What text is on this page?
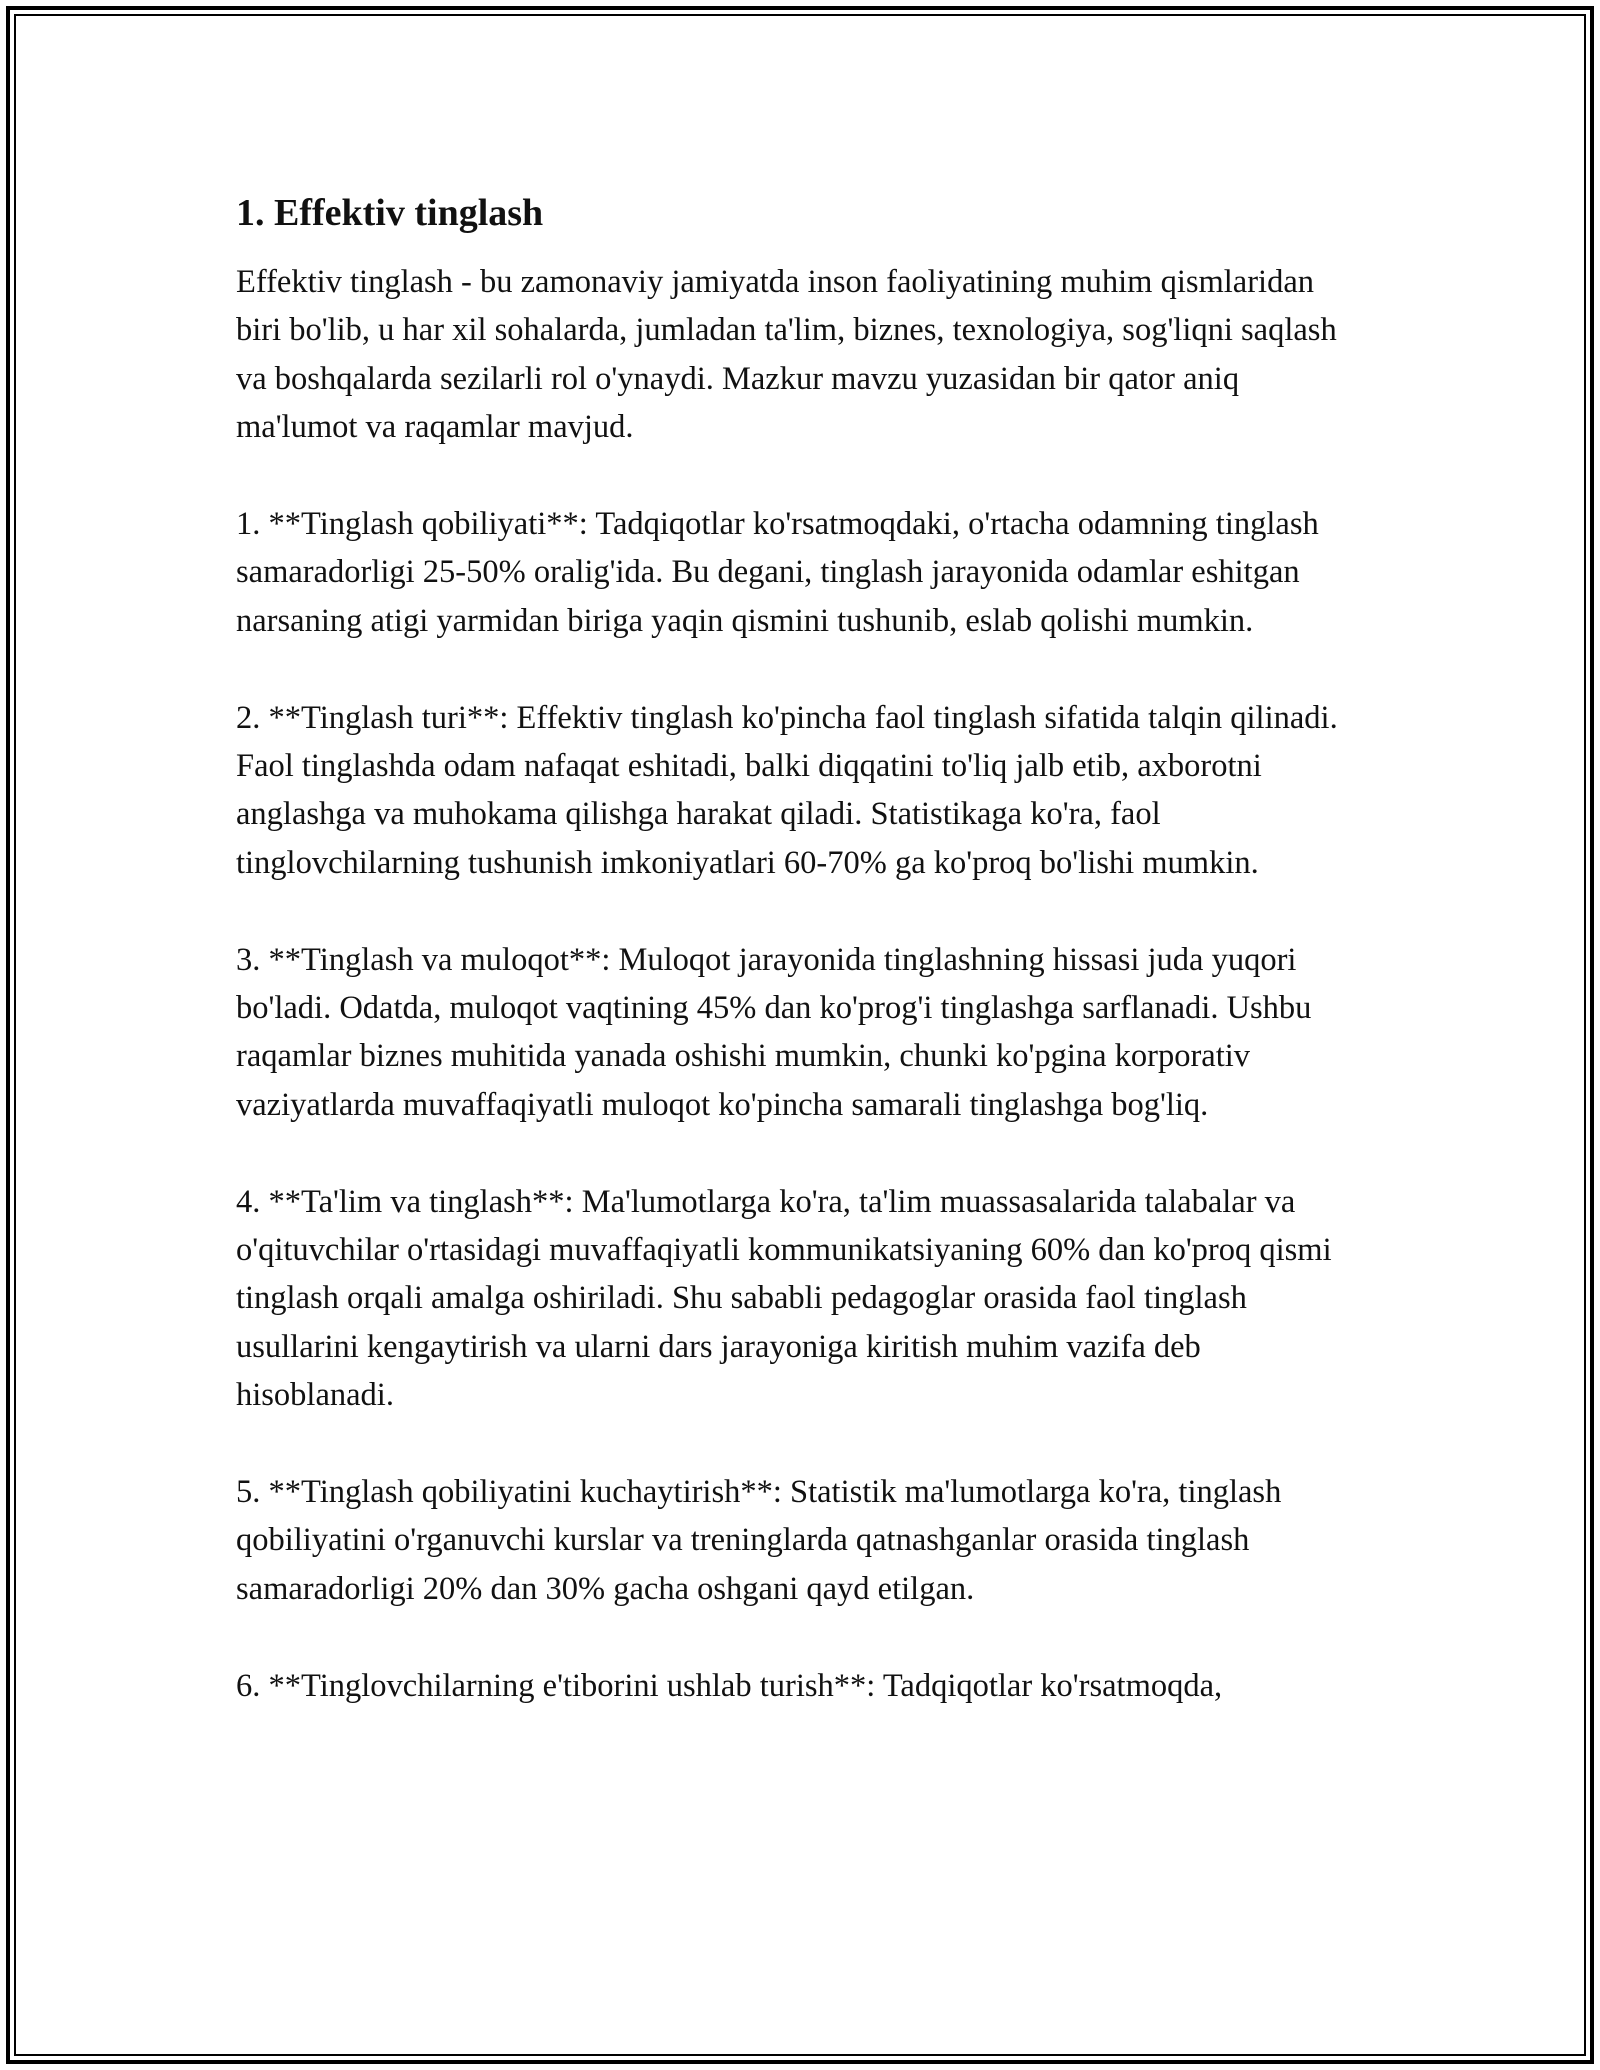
1. Effektiv tinglash

Effektiv tinglash - bu zamonaviy jamiyatda inson faoliyatining muhim qismlaridan biri bo'lib, u har xil sohalarda, jumladan ta'lim, biznes, texnologiya, sog'liqni saqlash va boshqalarda sezilarli rol o'ynaydi. Mazkur mavzu yuzasidan bir qator aniq ma'lumot va raqamlar mavjud.

1. **Tinglash qobiliyati**: Tadqiqotlar ko'rsatmoqdaki, o'rtacha odamning tinglash samaradorligi 25-50% oralig'ida. Bu degani, tinglash jarayonida odamlar eshitgan narsaning atigi yarmidan biriga yaqin qismini tushunib, eslab qolishi mumkin.

2. **Tinglash turi**: Effektiv tinglash ko'pincha faol tinglash sifatida talqin qilinadi. Faol tinglashda odam nafaqat eshitadi, balki diqqatini to'liq jalb etib, axborotni anglashga va muhokama qilishga harakat qiladi. Statistikaga ko'ra, faol tinglovchilarning tushunish imkoniyatlari 60-70% ga ko'proq bo'lishi mumkin.

3. **Tinglash va muloqot**: Muloqot jarayonida tinglashning hissasi juda yuqori bo'ladi. Odatda, muloqot vaqtining 45% dan ko'prog'i tinglashga sarflanadi. Ushbu raqamlar biznes muhitida yanada oshishi mumkin, chunki ko'pgina korporativ vaziyatlarda muvaffaqiyatli muloqot ko'pincha samarali tinglashga bog'liq.

4. **Ta'lim va tinglash**: Ma'lumotlarga ko'ra, ta'lim muassasalarida talabalar va o'qituvchilar o'rtasidagi muvaffaqiyatli kommunikatsiyaning 60% dan ko'proq qismi tinglash orqali amalga oshiriladi. Shu sababli pedagoglar orasida faol tinglash usullarini kengaytirish va ularni dars jarayoniga kiritish muhim vazifa deb hisoblanadi.

5. **Tinglash qobiliyatini kuchaytirish**: Statistik ma'lumotlarga ko'ra, tinglash qobiliyatini o'rganuvchi kurslar va treninglarda qatnashganlar orasida tinglash samaradorligi 20% dan 30% gacha oshgani qayd etilgan.

6. **Tinglovchilarning e'tiborini ushlab turish**: Tadqiqotlar ko'rsatmoqda,
